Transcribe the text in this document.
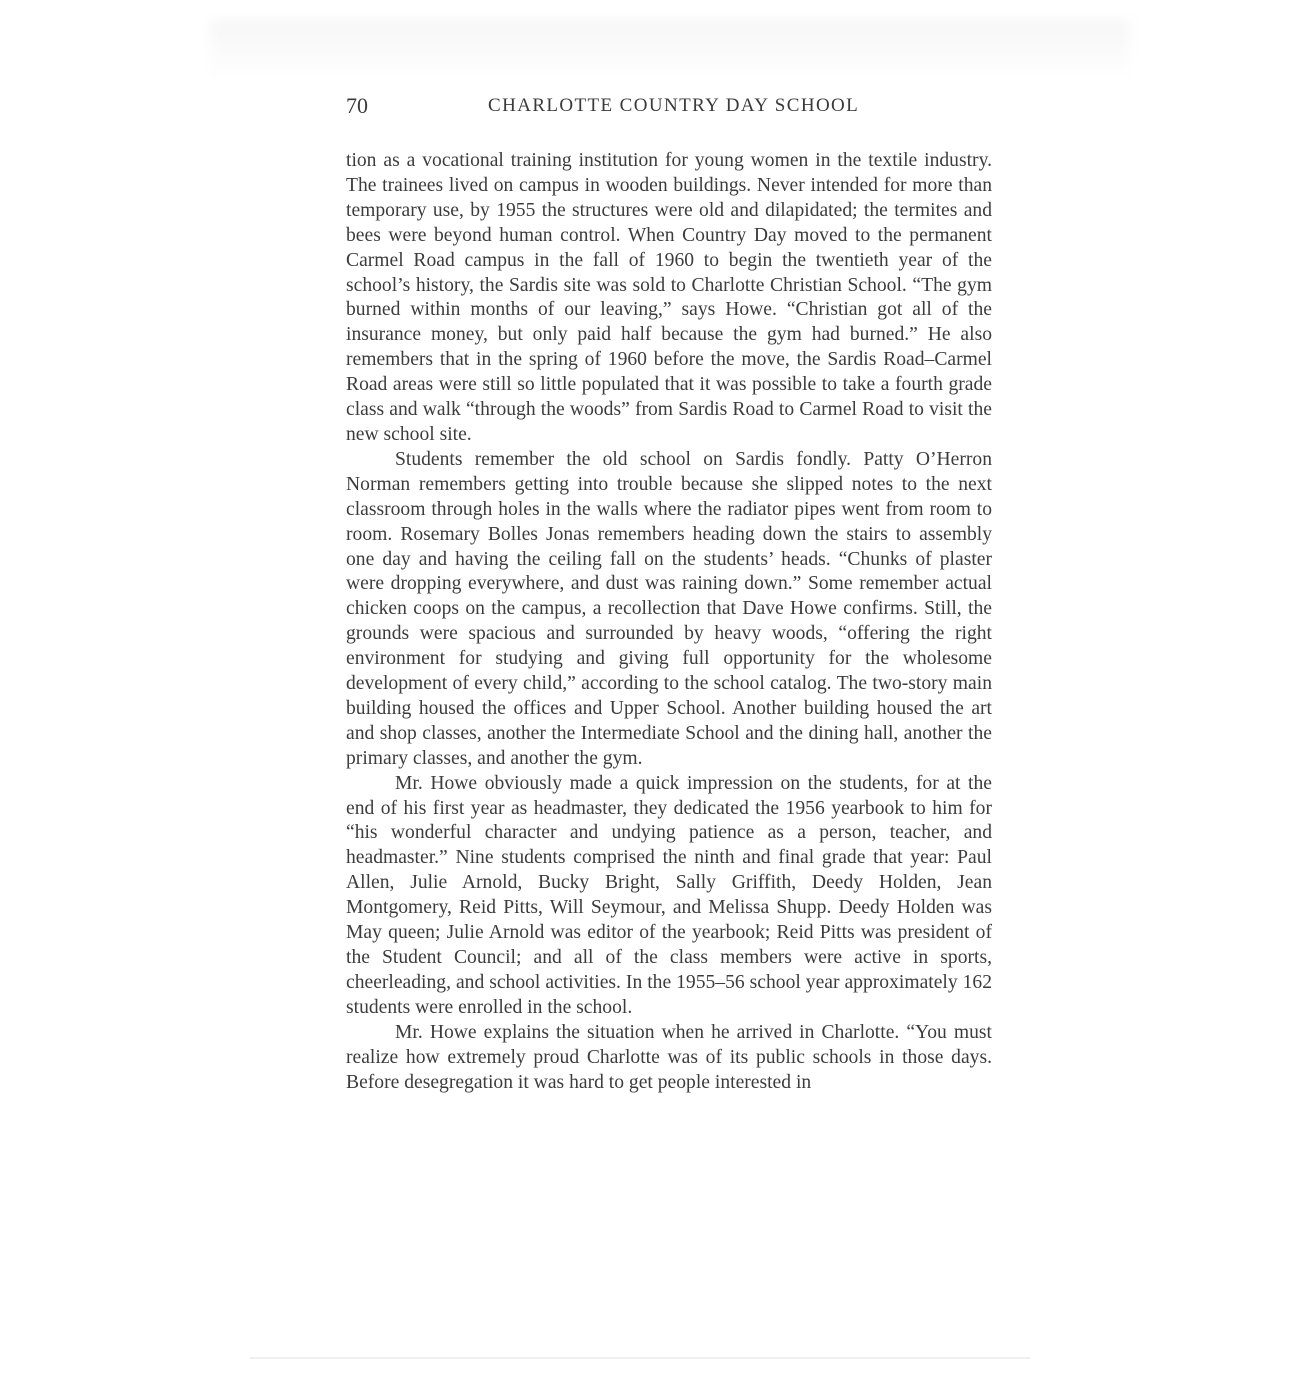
70	CHARLOTTE COUNTRY DAY SCHOOL

tion as a vocational training institution for young women in the textile industry. The trainees lived on campus in wooden buildings. Never intended for more than temporary use, by 1955 the structures were old and dilapidated; the termites and bees were beyond human control. When Country Day moved to the permanent Carmel Road campus in the fall of 1960 to begin the twentieth year of the school’s history, the Sardis site was sold to Charlotte Christian School. “The gym burned within months of our leaving,” says Howe. “Christian got all of the insurance money, but only paid half because the gym had burned.” He also remembers that in the spring of 1960 before the move, the Sardis Road–Carmel Road areas were still so little populated that it was possible to take a fourth grade class and walk “through the woods” from Sardis Road to Carmel Road to visit the new school site.

Students remember the old school on Sardis fondly. Patty O’Herron Norman remembers getting into trouble because she slipped notes to the next classroom through holes in the walls where the radiator pipes went from room to room. Rosemary Bolles Jonas remembers heading down the stairs to assembly one day and having the ceiling fall on the students’ heads. “Chunks of plaster were dropping everywhere, and dust was raining down.” Some remember actual chicken coops on the campus, a recollection that Dave Howe confirms. Still, the grounds were spacious and surrounded by heavy woods, “offering the right environment for studying and giving full opportunity for the wholesome development of every child,” according to the school catalog. The two-story main building housed the offices and Upper School. Another building housed the art and shop classes, another the Intermediate School and the dining hall, another the primary classes, and another the gym.

Mr. Howe obviously made a quick impression on the students, for at the end of his first year as headmaster, they dedicated the 1956 yearbook to him for “his wonderful character and undying patience as a person, teacher, and headmaster.” Nine students comprised the ninth and final grade that year: Paul Allen, Julie Arnold, Bucky Bright, Sally Griffith, Deedy Holden, Jean Montgomery, Reid Pitts, Will Seymour, and Melissa Shupp. Deedy Holden was May queen; Julie Arnold was editor of the yearbook; Reid Pitts was president of the Student Council; and all of the class members were active in sports, cheerleading, and school activities. In the 1955–56 school year approximately 162 students were enrolled in the school.

Mr. Howe explains the situation when he arrived in Charlotte. “You must realize how extremely proud Charlotte was of its public schools in those days. Before desegregation it was hard to get people interested in
